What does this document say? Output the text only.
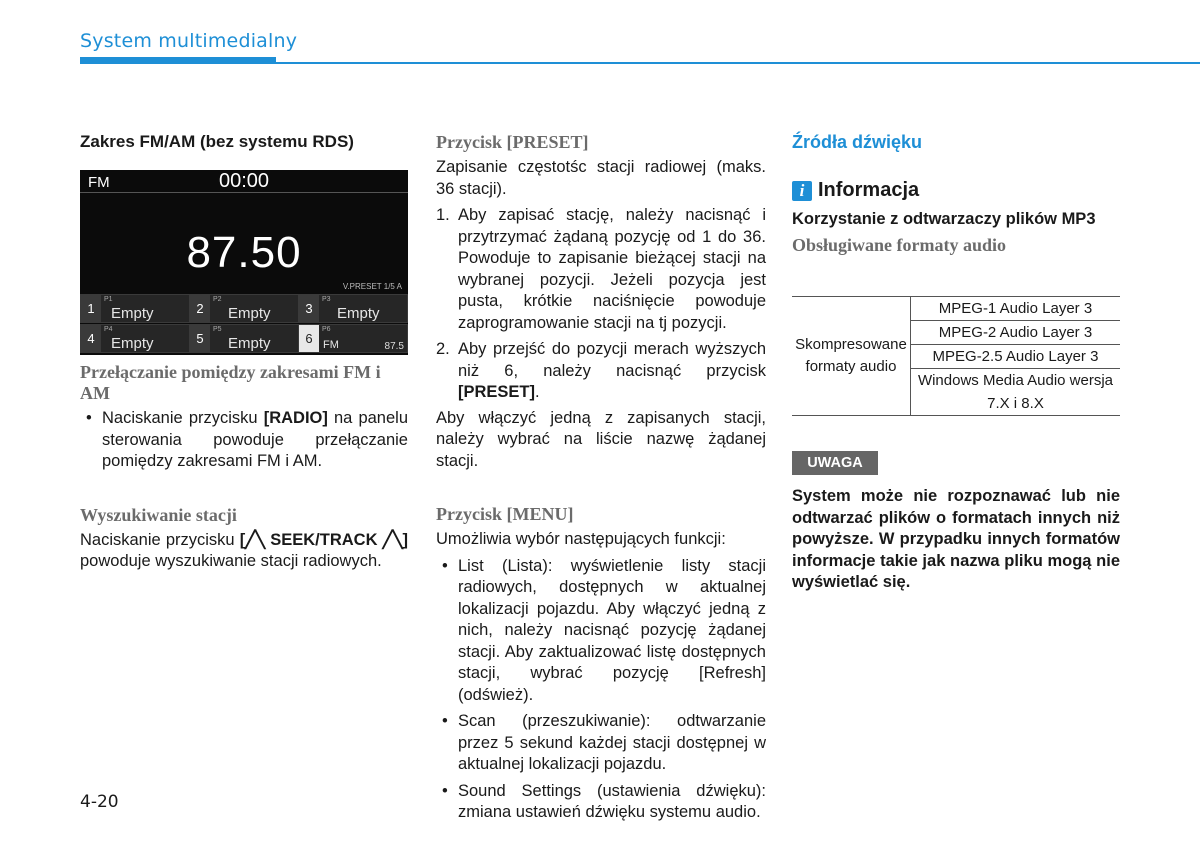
System multimedialny
Zakres FM/AM (bez systemu RDS)
FM	00:00
87.50
V.PRESET 1/5 A
1
P1
Empty	2
P2
Empty	3
P3
Empty
4
P4
Empty	5
P5
Empty	6
P6
FM	87.5
Przełączanie pomiędzy zakresami FM i AM
• Naciskanie przycisku [RADIO] na panelu sterowania powoduje przełączanie pomiędzy zakresami FM i AM.
Wyszukiwanie stacji

Naciskanie przycisku [╱╲ SEEK/TRACK ╱╲] powoduje wyszukiwanie stacji radiowych.

Przycisk [PRESET]

Zapisanie częstotśc stacji radiowej (maks. 36 stacji).

1. Aby zapisać stację, należy nacisnąć i przytrzymać żądaną pozycję od 1 do 36. Powoduje to zapisanie bieżącej stacji na wybranej pozycji. Jeżeli pozycja jest pusta, krótkie naciśnięcie powoduje zaprogramowanie stacji na tj pozycji.
2. Aby przejść do pozycji merach wyższych niż 6, należy nacisnąć przycisk [PRESET].

Aby włączyć jedną z zapisanych stacji, należy wybrać na liście nazwę żądanej stacji.

Przycisk [MENU]

Umożliwia wybór następujących funkcji:

• List (Lista): wyświetlenie listy stacji radiowych, dostępnych w aktualnej lokalizacji pojazdu. Aby włączyć jedną z nich, należy nacisnąć pozycję żądanej stacji. Aby zaktualizować listę dostępnych stacji, wybrać pozycję [Refresh] (odśwież).
• Scan (przeszukiwanie): odtwarzanie przez 5 sekund każdej stacji dostępnej w aktualnej lokalizacji pojazdu.
• Sound Settings (ustawienia dźwięku): zmiana ustawień dźwięku systemu audio.
Źródła dźwięku
i Informacja
Korzystanie z odtwarzaczy plików MP3
Obsługiwane formaty audio
Skompresowane formaty audio	MPEG-1 Audio Layer 3
MPEG-2 Audio Layer 3
MPEG-2.5 Audio Layer 3
Windows Media Audio wersja 7.X i 8.X
UWAGA

System może nie rozpoznawać lub nie odtwarzać plików o formatach innych niż powyższe. W przypadku innych formatów informacje takie jak nazwa pliku mogą nie wyświetlać się.

4-20
